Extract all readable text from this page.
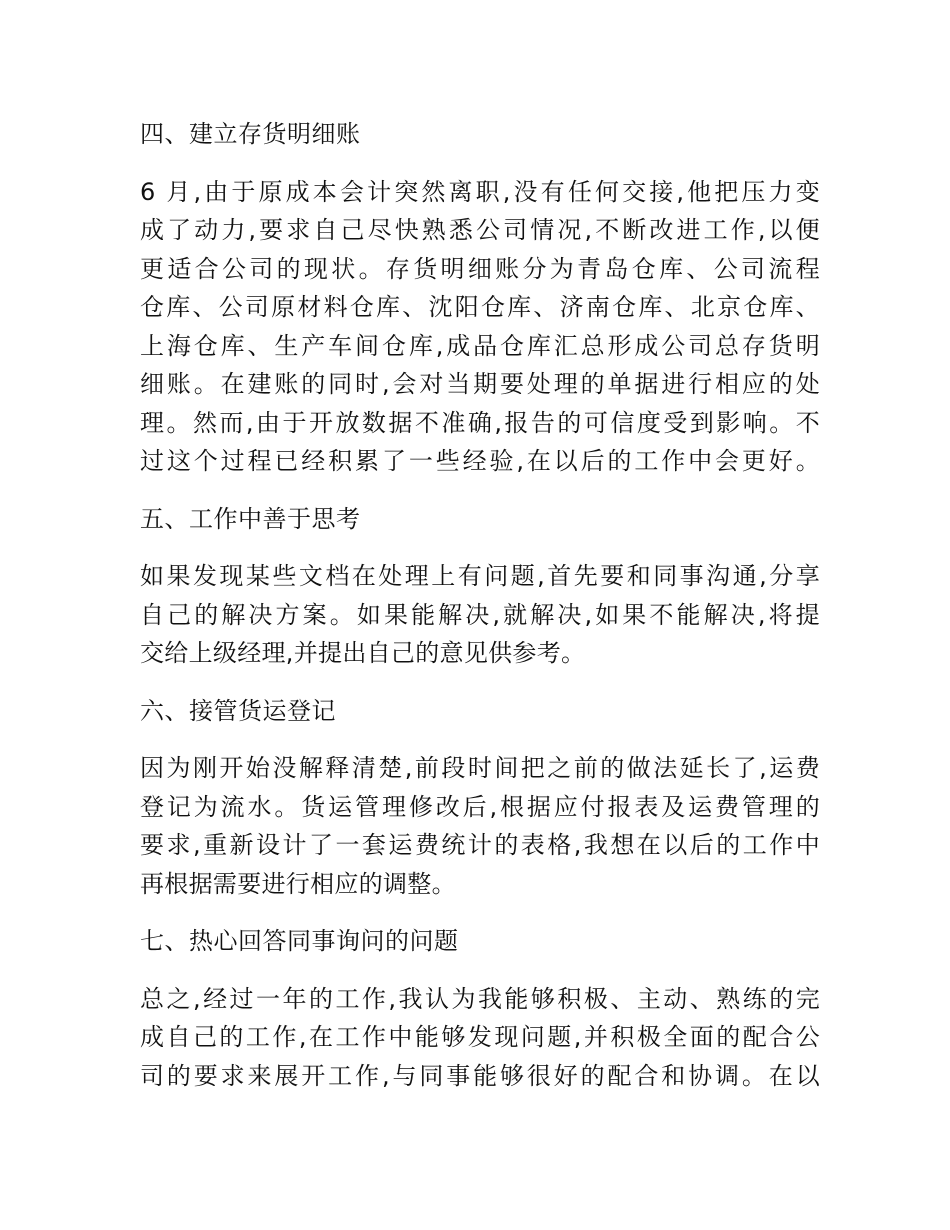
四、建立存货明细账
6 月,由于原成本会计突然离职,没有任何交接,他把压力变
成了动力,要求自己尽快熟悉公司情况,不断改进工作,以便
更适合公司的现状。存货明细账分为青岛仓库、公司流程
仓库、公司原材料仓库、沈阳仓库、济南仓库、北京仓库、
上海仓库、生产车间仓库,成品仓库汇总形成公司总存货明
细账。在建账的同时,会对当期要处理的单据进行相应的处
理。然而,由于开放数据不准确,报告的可信度受到影响。不
过这个过程已经积累了一些经验,在以后的工作中会更好。
五、工作中善于思考
如果发现某些文档在处理上有问题,首先要和同事沟通,分享
自己的解决方案。如果能解决,就解决,如果不能解决,将提
交给上级经理,并提出自己的意见供参考。
六、接管货运登记
因为刚开始没解释清楚,前段时间把之前的做法延长了,运费
登记为流水。货运管理修改后,根据应付报表及运费管理的
要求,重新设计了一套运费统计的表格,我想在以后的工作中
再根据需要进行相应的调整。
七、热心回答同事询问的问题
总之,经过一年的工作,我认为我能够积极、主动、熟练的完
成自己的工作,在工作中能够发现问题,并积极全面的配合公
司的要求来展开工作,与同事能够很好的配合和协调。在以
